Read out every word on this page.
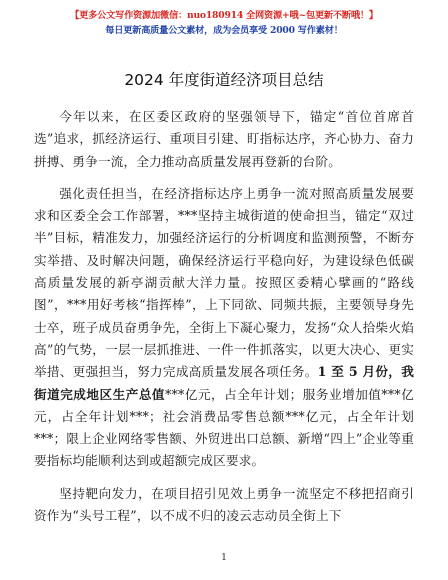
【更多公文写作资源加微信：nuo180914 全网资源+哦~包更新不断哦！】
每日更新高质量公文素材，成为会员享受 2000 写作素材！
2024 年度街道经济项目总结

今年以来，在区委区政府的坚强领导下，锚定“首位首席首选”追求，抓经济运行、重项目引建、盯指标达序，齐心协力、奋力拼搏、勇争一流，全力推动高质量发展再登新的台阶。

强化责任担当，在经济指标达序上勇争一流对照高质量发展要求和区委全会工作部署，***坚持主城街道的使命担当，锚定“双过半”目标，精准发力，加强经济运行的分析调度和监测预警，不断夯实举措、及时解决问题，确保经济运行平稳向好，为建设绿色低碳高质量发展的新亭湖贡献大洋力量。按照区委精心擘画的“路线图”，***用好考核“指挥棒”，上下同欲、同频共振，主要领导身先士卒，班子成员奋勇争先，全街上下凝心聚力，发扬“众人拾柴火焰高”的气势，一层一层抓推进、一件一件抓落实，以更大决心、更实举措、更强担当，努力完成高质量发展各项任务。1 至 5 月份，我街道完成地区生产总值***亿元，占全年计划；服务业增加值***亿元，占全年计划***；社会消费品零售总额***亿元，占全年计划***；限上企业网络零售额、外贸进出口总额、新增“四上”企业等重要指标均能顺利达到或超额完成区要求。

坚持靶向发力，在项目招引见效上勇争一流坚定不移把招商引资作为“头号工程”，以不成不归的凌云志动员全街上下

1
